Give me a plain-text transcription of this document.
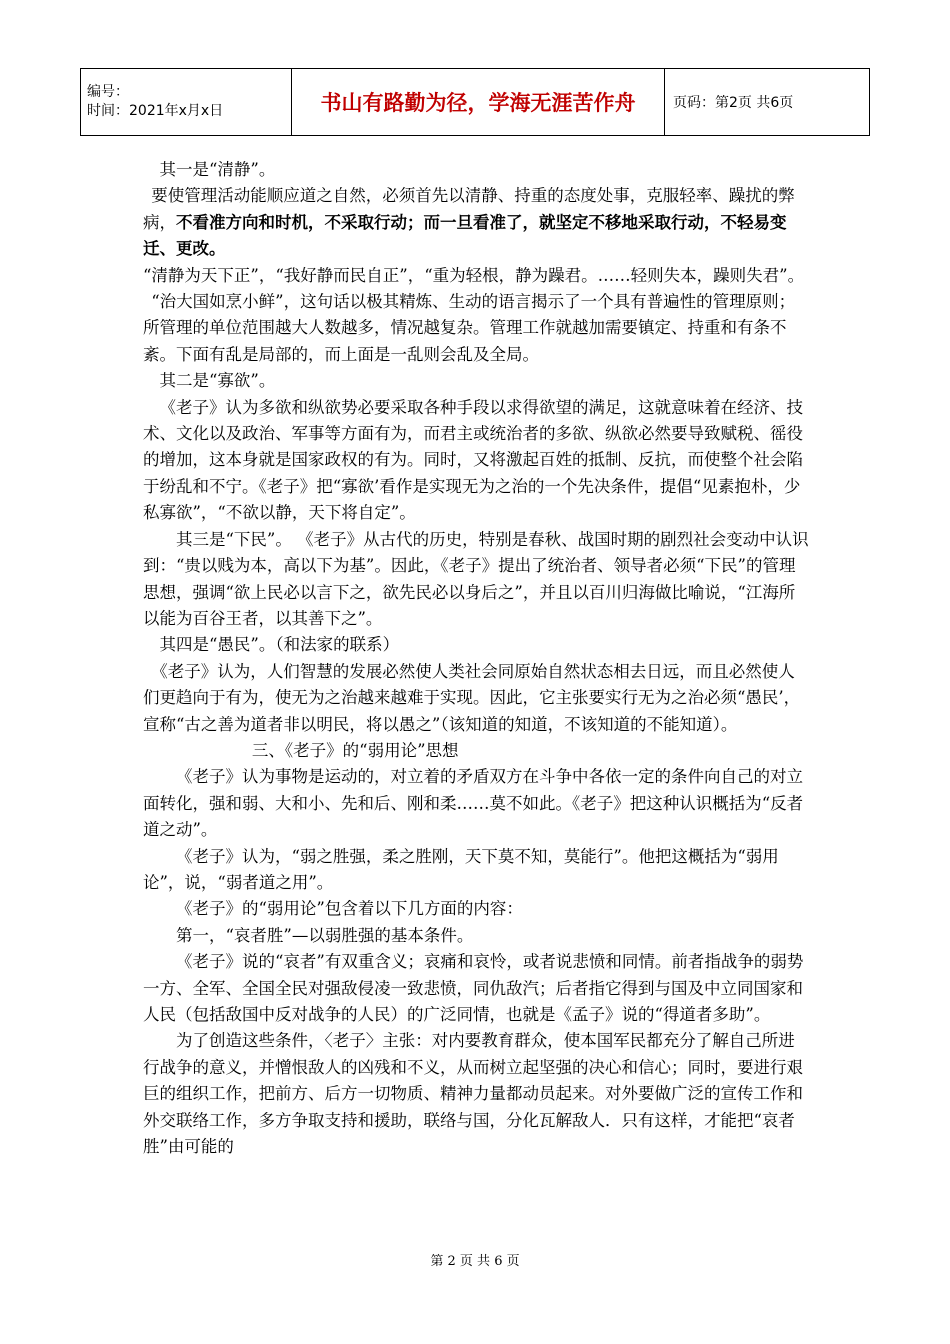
编号：
时间：2021年x月x日	书山有路勤为径，学海无涯苦作舟	页码：第2页 共6页

其一是“清静”。

要使管理活动能顺应道之自然，必须首先以清静、持重的态度处事，克服轻率、躁扰的弊病，不看准方向和时机，不采取行动；而一旦看准了，就坚定不移地采取行动，不轻易变迁、更改。

“清静为天下正”，“我好静而民自正”，“重为轻根，静为躁君。……轻则失本，躁则失君”。

“治大国如烹小鲜”，这句话以极其精炼、生动的语言揭示了一个具有普遍性的管理原则；所管理的单位范围越大人数越多，情况越复杂。管理工作就越加需要镇定、持重和有条不紊。下面有乱是局部的，而上面是一乱则会乱及全局。

其二是“寡欲”。

《老子》认为多欲和纵欲势必要采取各种手段以求得欲望的满足，这就意味着在经济、技术、文化以及政治、军事等方面有为，而君主或统治者的多欲、纵欲必然要导致赋税、徭役的增加，这本身就是国家政权的有为。同时，又将激起百姓的抵制、反抗，而使整个社会陷于纷乱和不宁。《老子》把“寡欲’看作是实现无为之治的一个先决条件，提倡“见素抱朴，少私寡欲”，“不欲以静，天下将自定”。

其三是“下民”。 《老子》从古代的历史，特别是春秋、战国时期的剧烈社会变动中认识到：“贵以贱为本，高以下为基”。因此，《老子》提出了统治者、领导者必须“下民”的管理思想，强调“欲上民必以言下之，欲先民必以身后之”，并且以百川归海做比喻说，“江海所以能为百谷王者，以其善下之”。

其四是“愚民”。（和法家的联系）

《老子》认为，人们智慧的发展必然使人类社会同原始自然状态相去日远，而且必然使人们更趋向于有为，使无为之治越来越难于实现。因此，它主张要实行无为之治必须“愚民’，宣称“古之善为道者非以明民，将以愚之”（该知道的知道，不该知道的不能知道）。

三、《老子》的“弱用论”思想

《老子》认为事物是运动的，对立着的矛盾双方在斗争中各依一定的条件向自己的对立面转化，强和弱、大和小、先和后、刚和柔……莫不如此。《老子》把这种认识概括为“反者道之动”。

《老子》认为，“弱之胜强，柔之胜刚，天下莫不知，莫能行”。他把这概括为“弱用论”，说，“弱者道之用”。

《老子》的“弱用论”包含着以下几方面的内容：

第一，“哀者胜”—以弱胜强的基本条件。

《老子》说的“哀者”有双重含义；哀痛和哀怜，或者说悲愤和同情。前者指战争的弱势一方、全军、全国全民对强敌侵凌一致悲愤，同仇敌汽；后者指它得到与国及中立同国家和人民（包括敌国中反对战争的人民）的广泛同情，也就是《孟子》说的“得道者多助”。

为了创造这些条件，〈老子〉主张：对内要教育群众，使本国军民都充分了解自己所进行战争的意义，并憎恨敌人的凶残和不义，从而树立起坚强的决心和信心；同时，要进行艰巨的组织工作，把前方、后方一切物质、精神力量都动员起来。对外要做广泛的宣传工作和外交联络工作，多方争取支持和援助，联络与国，分化瓦解敌人．只有这样，才能把“哀者胜”由可能的

第 2 页 共 6 页
